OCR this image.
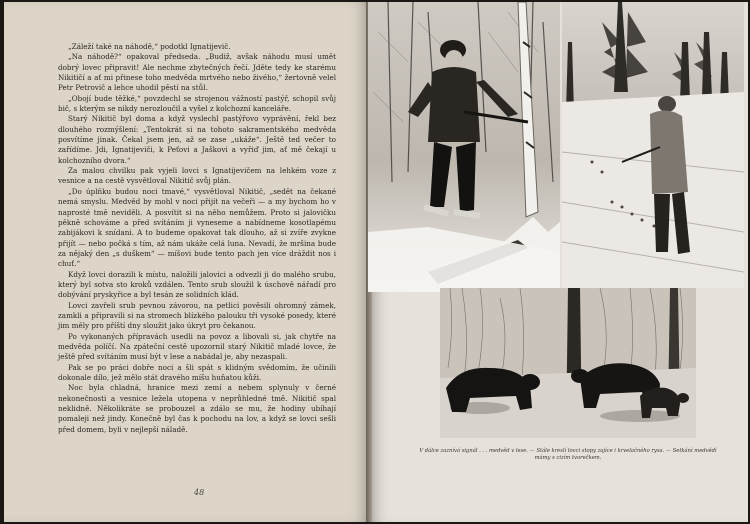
„Záleží také na náhodě,“ podotkl Ignatijevič.

„Na náhodě?“ opakoval předseda. „Budiž, avšak náhodu musí umět dobrý lovec připravit! Ale nechme zbytečných řečí. Jděte tedy ke starému Nikitičí a ať mi přinese toho medvěda mrtvého nebo živého,“ žertovně velel Petr Petrovič a lehce uhodil pěstí na stůl.

„Obojí bude těžké,“ povzdechl se strojenou vážností pastýř, schopil svůj bič, s kterým se nikdy nerozloučil a vyšel z kolchozní kanceláře.

Starý Nikitič byl doma a když vyslechl pastýřovo vyprávění, řekl bez dlouhého rozmýšlení: „Tentokrát si na tohoto sakramentského medvěda posvítíme jinak. Čekal jsem jen, až se zase „ukáže“. Ještě ted večer to zařídíme. Jdi, Ignatijeviči, k Peťovi a Jaškovi a vyřiď jim, ať mě čekají u kolchozního dvora.“

Za malou chvilku pak vyjeli lovci s Ignatijevičem na lehkém voze z vesnice a na cestě vysvětloval Nikitič svůj plán.

„Do úplňku budou noci tmavé,“ vysvětloval Nikitič, „sedět na čekané nemá smyslu. Medvěd by mohl v noci přijít na večeři — a my bychom ho v naprosté tmě neviděli. A posvítit si na něho nemůžem. Proto si jalovičku pěkně schováme a před svítáním ji vyneseme a nabídneme kosotlapému zabijákovi k snídani. A to budeme opakovat tak dlouho, až si zvíře zvykne přijít — nebo počká s tím, až nám ukáže celá luna. Nevadí, že mršina bude za nějaký den „s duškem“ — míšovi bude tento pach jen více dráždit nos i chuť.“

Když lovci dorazili k místu, naložili jalovici a odvezli ji do malého srubu, který byl sotva sto kroků vzdálen. Tento srub sloužil k úschově nářadí pro dobývání pryskyřice a byl tesán ze solidních klád.

Lovci zavřeli srub pevnou závorou, na petlici pověsili ohromný zámek, zamkli a připravili si na stromech blízkého palouku tři vysoké posedy, které jim měly pro příští dny sloužit jako úkryt pro čekanou.

Po vykonaných přípravách usedli na povoz a libovali si, jak chytře na medvěda políčí. Na zpáteční cestě upozornil starý Nikitič mladé lovce, že ještě před svítáním musí být v lese a nabádal je, aby nezaspali.

Pak se po práci dobře noci a šli spát s klidným svědomím, že učinili dokonale dílo, jež mělo stát dravého míšu huňatou kůži.

Noc byla chladná, hranice mezi zemí a nebem splynuly v černé nekonečnosti a vesnice ležela utopena v neprůhledné tmě. Nikitič spal neklidně. Několikráte se probouzel a zdálo se mu, že hodiny ubíhají pomaleji než jindy. Konečně byl čas k pochodu na lov, a když se lovci sešli před domem, byli v nejlepší náladě.

48
V dálce zaznívá signál . . . medvěd v lese. — Stále kreslí lovci stopy zajíce i krvelačného rysa. — Setkání medvědí mámy s cizím tvorečkem.
